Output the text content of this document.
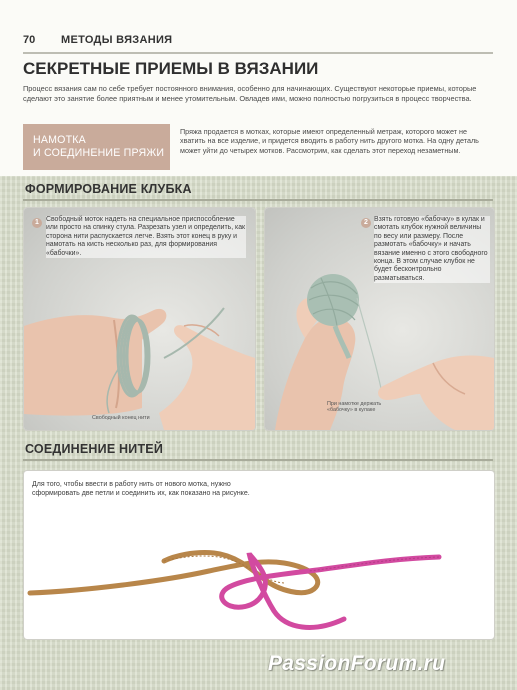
70 МЕТОДЫ ВЯЗАНИЯ
СЕКРЕТНЫЕ ПРИЕМЫ В ВЯЗАНИИ
Процесс вязания сам по себе требует постоянного внимания, особенно для начинающих. Существуют некоторые приемы, которые сделают это занятие более приятным и менее утомительным. Овладев ими, можно полностью погрузиться в процесс творчества.
НАМОТКА
И СОЕДИНЕНИЕ ПРЯЖИ
Пряжа продается в мотках, которые имеют определенный метраж, которого может не хватить на все изделие, и придется вводить в работу нить другого мотка. На одну деталь может уйти до четырех мотков. Рассмотрим, как сделать этот переход незаметным.
ФОРМИРОВАНИЕ КЛУБКА
1	Свободный моток надеть на специальное приспособление или просто на спинку стула. Разрезать узел и определить, как сторона нити распускается легче. Взять этот конец в руку и намотать на кисть несколько раз, для формирования «бабочки».
Свободный конец нити
2 Взять готовую «бабочку» в кулак и смотать клубок нужной величины по весу или размеру. После размотать «бабочку» и начать вязание именно с этого свободного конца. В этом случае клубок не будет бесконтрольно разматываться.
При намотке держать «бабочку» в кулаке
СОЕДИНЕНИЕ НИТЕЙ
Для того, чтобы ввести в работу нить от нового мотка, нужно сформировать две петли и соединить их, как показано на рисунке.
PassionForum.ru
